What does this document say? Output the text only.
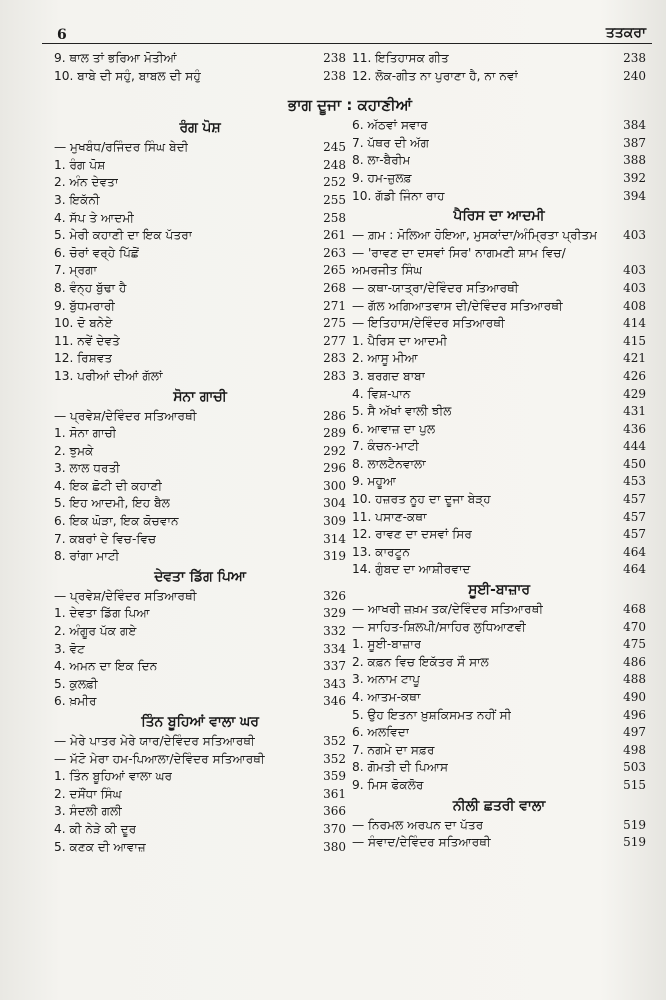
6	ਤਤਕਰਾ
ਭਾਗ ਦੂਜਾ : ਕਹਾਣੀਆਂ
9. ਥਾਲ ਤਾਂ ਭਰਿਆ ਮੋਤੀਆਂ	238
10. ਬਾਬੇ ਦੀ ਸਹੁੰ, ਬਾਬਲ ਦੀ ਸਹੁੰ	238
ਰੰਗ ਪੋਸ਼
— ਮੁਖਬੰਧ/ਰਜਿੰਦਰ ਸਿੰਘ ਬੇਦੀ	245
1. ਰੰਗ ਪੋਸ਼	248
2. ਅੰਨ ਦੇਵਤਾ	252
3. ਇਕੱਨੀ	255
4. ਸੱਪ ਤੇ ਆਦਮੀ	258
5. ਮੇਰੀ ਕਹਾਣੀ ਦਾ ਇਕ ਪੱਤਰਾ	261
6. ਚੋਰਾਂ ਵਰ੍ਹੇ ਪਿੱਛੋਂ	263
7. ਮ੍ਰਗਾ	265
8. ਵੰਨ੍ਹ ਬੁੱਢਾ ਹੈ	268
9. ਬੁੱਧਮਰਾਰੀ	271
10. ਦੋ ਬਨੇਏ	275
11. ਨਵੇਂ ਦੇਵਤੇ	277
12. ਰਿਸ਼ਵਤ	283
13. ਪਰੀਆਂ ਦੀਆਂ ਗੱਲਾਂ	283
ਸੋਨਾ ਗਾਚੀ
— ਪ੍ਰਵੇਸ਼/ਦੇਵਿੰਦਰ ਸਤਿਆਰਥੀ	286
1. ਸੋਨਾ ਗਾਚੀ	289
2. ਝੁਮਕੇ	292
3. ਲਾਲ ਧਰਤੀ	296
4. ਇਕ ਛੋਟੀ ਦੀ ਕਹਾਣੀ	300
5. ਇਹ ਆਦਮੀ, ਇਹ ਬੈਲ	304
6. ਇਕ ਘੋੜਾ, ਇਕ ਕੋਚਵਾਨ	309
7. ਕਬਰਾਂ ਦੇ ਵਿਚ-ਵਿਚ	314
8. ਰਾਂਗਾ ਮਾਟੀ	319
ਦੇਵਤਾ ਡਿੱਗ ਪਿਆ
— ਪ੍ਰਵੇਸ਼/ਦੇਵਿੰਦਰ ਸਤਿਆਰਥੀ	326
1. ਦੇਵਤਾ ਡਿੱਗ ਪਿਆ	329
2. ਅੰਗੂਰ ਪੱਕ ਗਏ	332
3. ਵੋਟ	334
4. ਅਮਨ ਦਾ ਇਕ ਦਿਨ	337
5. ਕੁਲਫ਼ੀ	343
6. ਖ਼ਮੀਰ	346
ਤਿੰਨ ਬੂਹਿਆਂ ਵਾਲਾ ਘਰ
— ਮੇਰੇ ਪਾਤਰ ਮੇਰੇ ਯਾਰ/ਦੇਵਿੰਦਰ ਸਤਿਆਰਥੀ	352
— ਮੱਟੋ ਮੇਰਾ ਹਮ-ਪਿਆਲਾ/ਦੇਵਿੰਦਰ ਸਤਿਆਰਥੀ	352
1. ਤਿੰਨ ਬੂਹਿਆਂ ਵਾਲਾ ਘਰ	359
2. ਦਸੌਂਧਾ ਸਿੰਘ	361
3. ਸੰਦਲੀ ਗਲੀ	366
4. ਕੀ ਨੇੜੇ ਕੀ ਦੂਰ	370
5. ਕਣਕ ਦੀ ਆਵਾਜ਼	380
11. ਇਤਿਹਾਸਕ ਗੀਤ	238
12. ਲੋਕ-ਗੀਤ ਨਾ ਪੁਰਾਣਾ ਹੈ, ਨਾ ਨਵਾਂ	240
6. ਅੱਠਵਾਂ ਸਵਾਰ	384
7. ਪੱਥਰ ਦੀ ਅੱਗ	387
8. ਲਾ-ਬੈਰੀਮ	388
9. ਹਮ-ਜ਼ੁਲਫ਼	392
10. ਗੱਡੀ ਜਿੰਨਾ ਰਾਹ	394
ਪੈਰਿਸ ਦਾ ਆਦਮੀ
— ਗ਼ਮ : ਮੋਲਿਆ ਹੋਇਆ, ਮੁਸਕਾਂਦਾ/ਅੰਮ੍ਰਿਤਾ ਪ੍ਰੀਤਮ	403
— 'ਰਾਵਣ ਦਾ ਦਸਵਾਂ ਸਿਰ' ਨਾਗਮਣੀ ਸ਼ਾਮ ਵਿਚ/
ਅਮਰਜੀਤ ਸਿੰਘ	403
— ਕਥਾ-ਯਾਤ੍ਰਾ/ਦੇਵਿੰਦਰ ਸਤਿਆਰਥੀ	403
— ਗੱਲ ਅਗਿਆਤਵਾਸ ਦੀ/ਦੇਵਿੰਦਰ ਸਤਿਆਰਥੀ	408
— ਇਤਿਹਾਸ/ਦੇਵਿੰਦਰ ਸਤਿਆਰਥੀ	414
1. ਪੈਰਿਸ ਦਾ ਆਦਮੀ	415
2. ਆਸੂ ਮੀਆ	421
3. ਬਰਗਦ ਬਾਬਾ	426
4. ਵਿਸ਼-ਪਾਨ	429
5. ਸੈ ਅੱਖਾਂ ਵਾਲੀ ਝੀਲ	431
6. ਆਵਾਜ਼ ਦਾ ਪੁਲ	436
7. ਕੰਚਨ-ਮਾਟੀ	444
8. ਲਾਲਟੈਨਵਾਲਾ	450
9. ਮਹੂਆ	453
10. ਹਜ਼ਰਤ ਨੂਹ ਦਾ ਦੂਜਾ ਬੇੜ੍ਹ	457
11. ਪਸਾਣ-ਕਥਾ	457
12. ਰਾਵਣ ਦਾ ਦਸਵਾਂ ਸਿਰ	457
13. ਕਾਰਟੂਨ	464
14. ਗੁੰਬਦ ਦਾ ਆਸ਼ੀਰਵਾਦ	464
ਸੂਈ-ਬਾਜ਼ਾਰ
— ਆਖਰੀ ਜ਼ਖ਼ਮ ਤਕ/ਦੇਵਿੰਦਰ ਸਤਿਆਰਥੀ	468
— ਸਾਹਿਤ-ਸ਼ਿਲਪੀ/ਸਾਹਿਰ ਲੁਧਿਆਣਵੀ	470
1. ਸੂਈ-ਬਾਜ਼ਾਰ	475
2. ਕਫ਼ਨ ਵਿਚ ਇਕੱਤਰ ਸੌ ਸਾਲ	486
3. ਅਨਾਮ ਟਾਪੂ	488
4. ਆਤਮ-ਕਥਾ	490
5. ਉਹ ਇਤਨਾ ਖ਼ੁਸ਼ਕਿਸਮਤ ਨਹੀਂ ਸੀ	496
6. ਅਲਵਿਦਾ	497
7. ਨਗਮੇ ਦਾ ਸਫ਼ਰ	498
8. ਗੋਮਤੀ ਦੀ ਪਿਆਸ	503
9. ਮਿਸ ਫੋਕਲੋਰ	515
ਨੀਲੀ ਛਤਰੀ ਵਾਲਾ
— ਨਿਰਮਲ ਅਰਪਨ ਦਾ ਪੱਤਰ	519
— ਸੰਵਾਦ/ਦੇਵਿੰਦਰ ਸਤਿਆਰਥੀ	519
